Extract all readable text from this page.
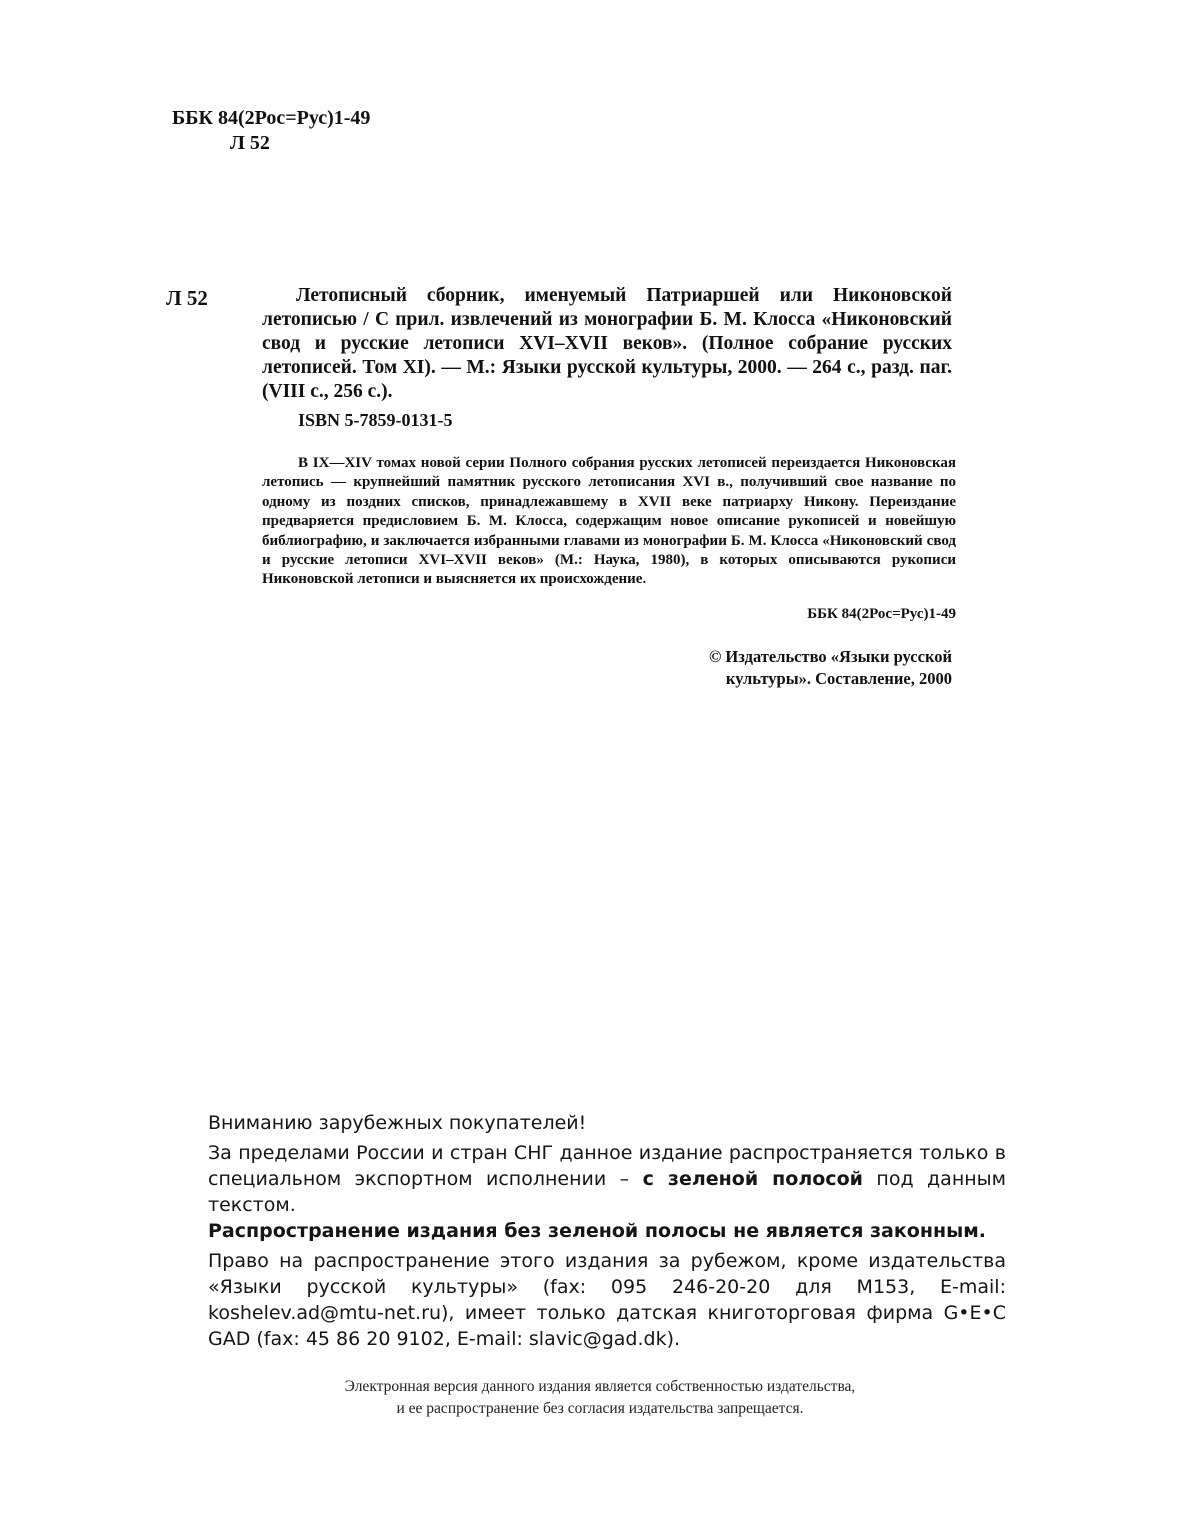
ББК 84(2Рос=Рус)1-49
Л 52
Л 52	Летописный сборник, именуемый Патриаршей или Никоновской летописью / С прил. извлечений из монографии Б. М. Клосса «Никоновский свод и русские летописи XVI–XVII веков». (Полное собрание русских летописей. Том XI). — М.: Языки русской культуры, 2000. — 264 с., разд. паг. (VIII с., 256 с.).
ISBN 5-7859-0131-5
В IX—XIV томах новой серии Полного собрания русских летописей переиздается Никоновская летопись — крупнейший памятник русского летописания XVI в., получивший свое название по одному из поздних списков, принадлежавшему в XVII веке патриарху Никону. Переиздание предваряется предисловием Б. М. Клосса, содержащим новое описание рукописей и новейшую библиографию, и заключается избранными главами из монографии Б. М. Клосса «Никоновский свод и русские летописи XVI–XVII веков» (М.: Наука, 1980), в которых описываются рукописи Никоновской летописи и выясняется их происхождение.
ББК 84(2Рос=Рус)1-49
© Издательство «Языки русской
культуры». Составление, 2000

Вниманию зарубежных покупателей!

За пределами России и стран СНГ данное издание распространяется только в специальном экспортном исполнении – с зеленой полосой под данным текстом.

Распространение издания без зеленой полосы не является законным.

Право на распространение этого издания за рубежом, кроме издательства «Языки русской культуры» (fax: 095 246-20-20 для M153, E-mail: koshelev.ad@mtu-net.ru), имеет только датская книготорговая фирма G•E•C GAD (fax: 45 86 20 9102, E-mail: slavic@gad.dk).

Электронная версия данного издания является собственностью издательства,
и ее распространение без согласия издательства запрещается.
